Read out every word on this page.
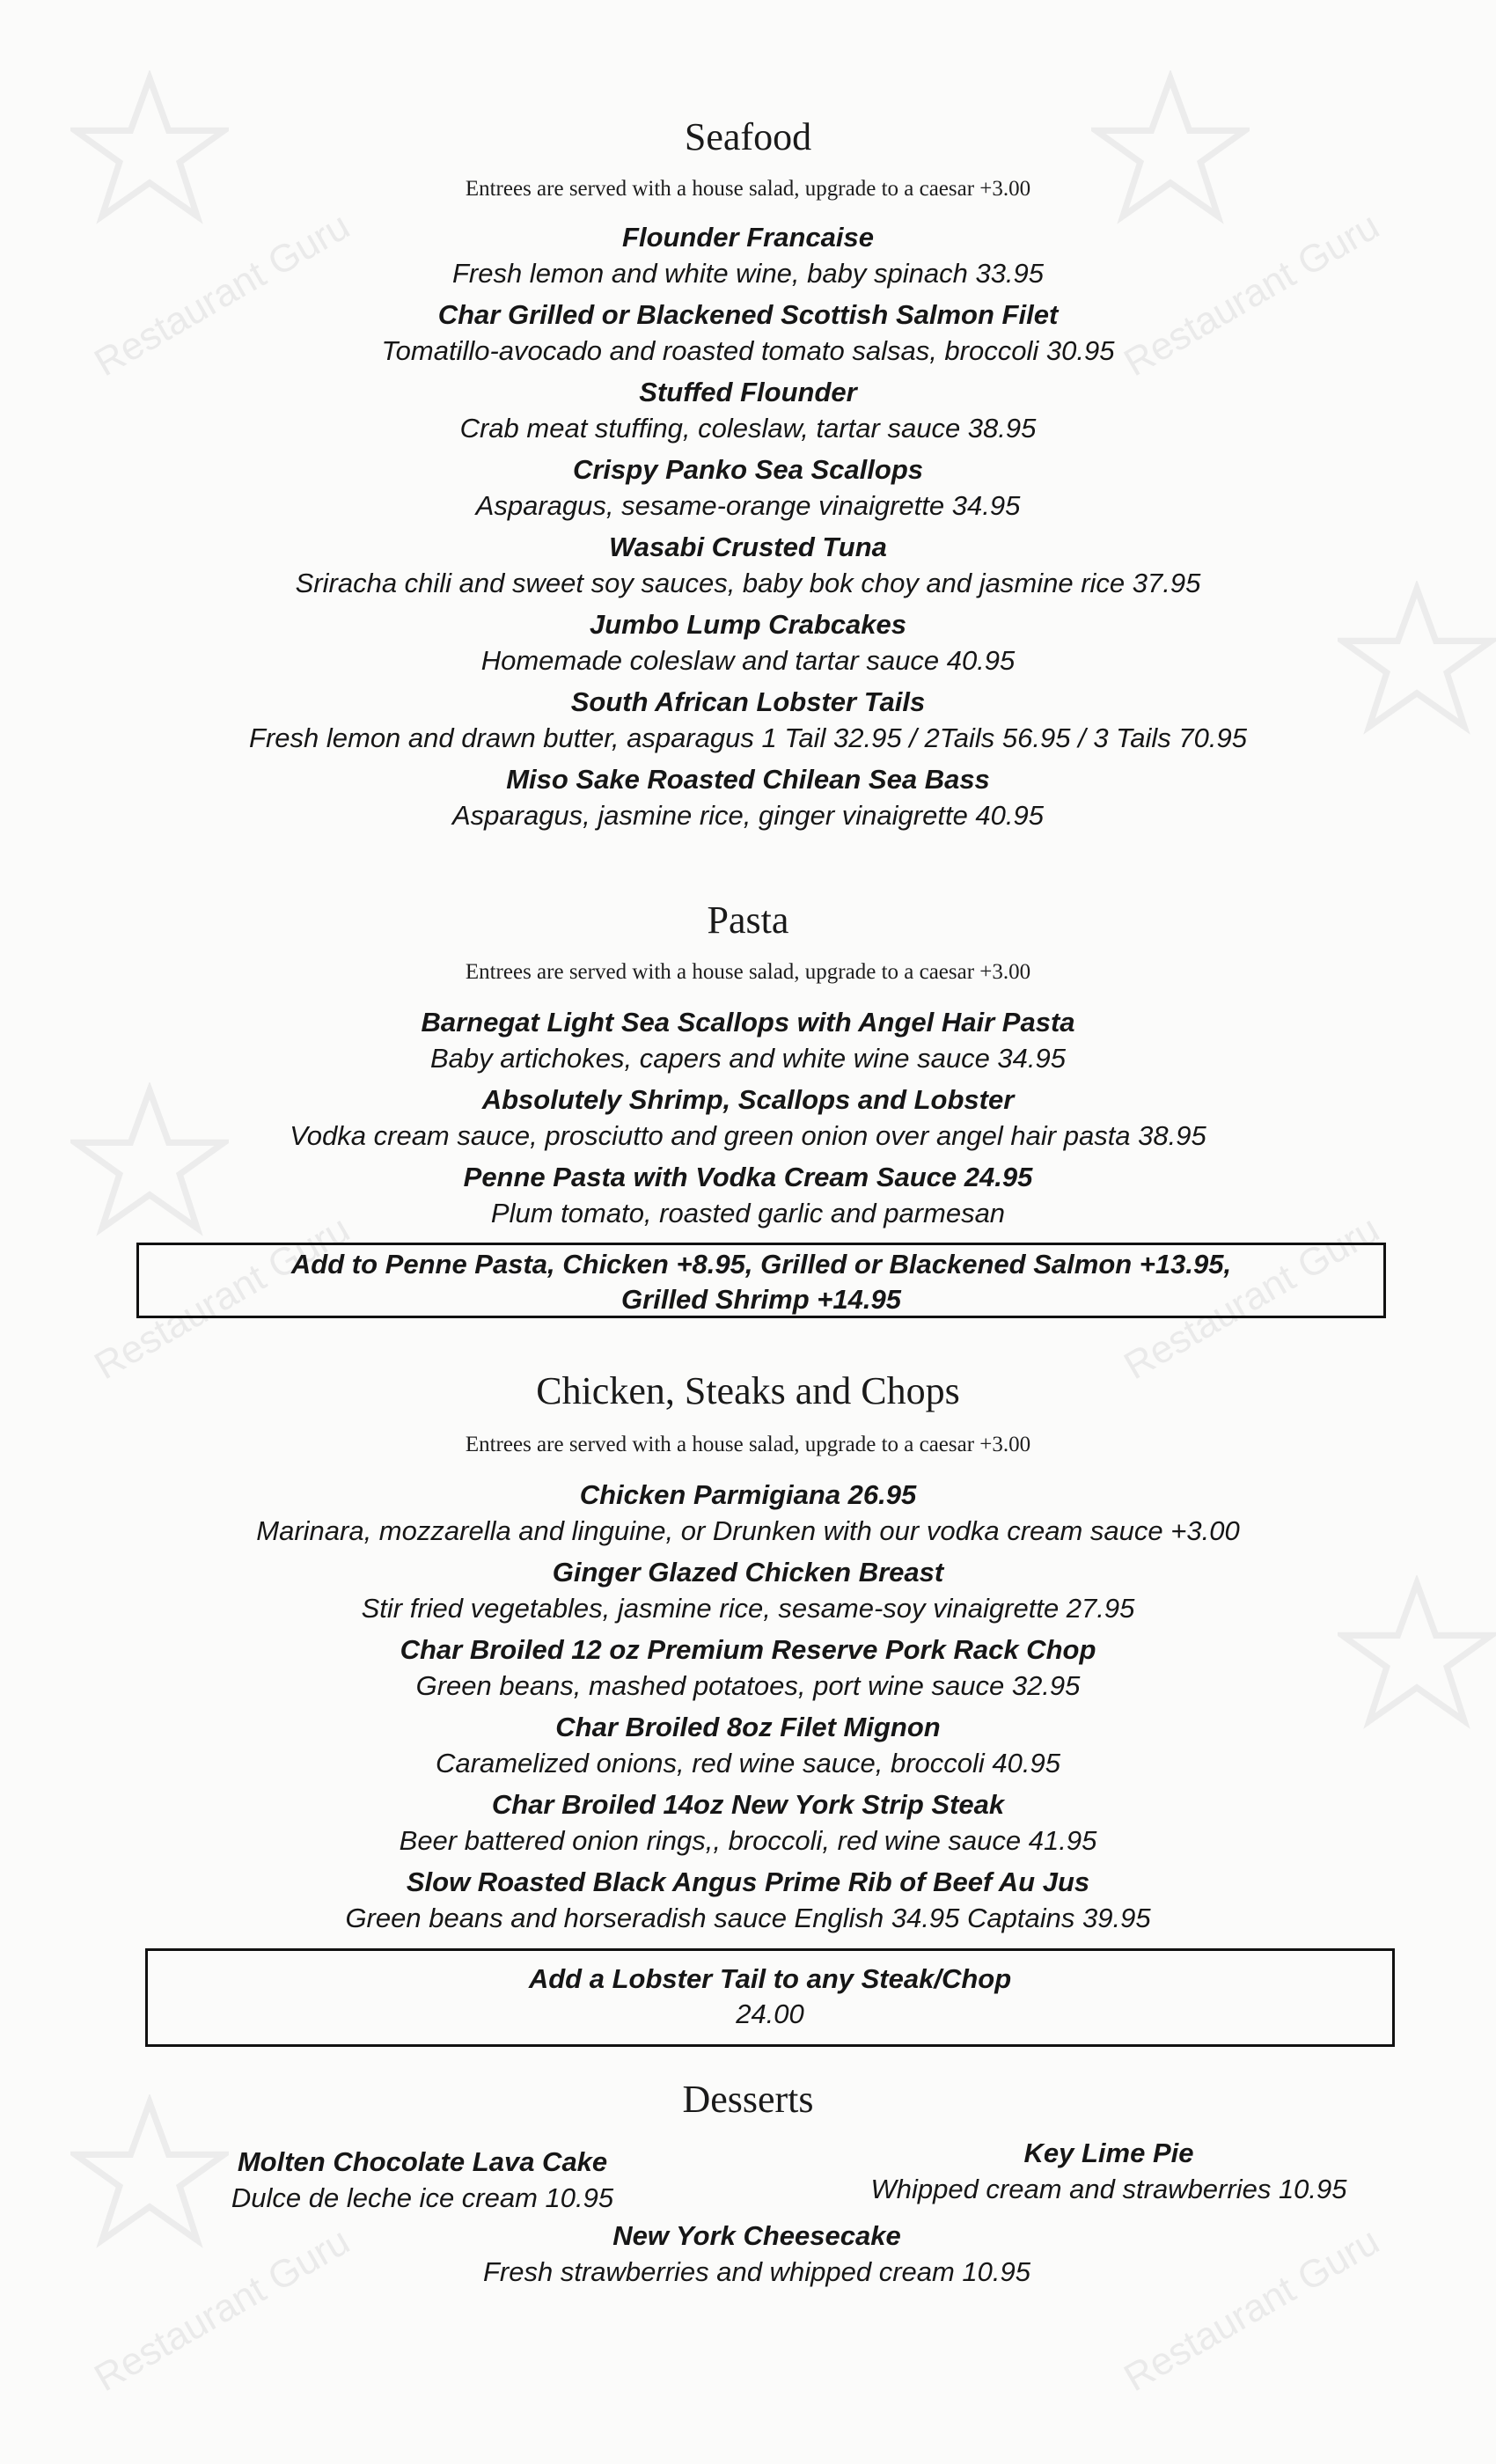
Restaurant Guru	Restaurant Guru
Restaurant Guru	Restaurant Guru
Restaurant Guru	Restaurant Guru
Seafood

Entrees are served with a house salad, upgrade to a caesar +3.00

Flounder Francaise
Fresh lemon and white wine, baby spinach 33.95
Char Grilled or Blackened Scottish Salmon Filet
Tomatillo-avocado and roasted tomato salsas, broccoli 30.95
Stuffed Flounder
Crab meat stuffing, coleslaw, tartar sauce 38.95
Crispy Panko Sea Scallops
Asparagus, sesame-orange vinaigrette 34.95
Wasabi Crusted Tuna
Sriracha chili and sweet soy sauces, baby bok choy and jasmine rice 37.95
Jumbo Lump Crabcakes
Homemade coleslaw and tartar sauce 40.95
South African Lobster Tails
Fresh lemon and drawn butter, asparagus 1 Tail 32.95 / 2Tails 56.95 / 3 Tails 70.95
Miso Sake Roasted Chilean Sea Bass
Asparagus, jasmine rice, ginger vinaigrette 40.95
Pasta

Entrees are served with a house salad, upgrade to a caesar +3.00

Barnegat Light Sea Scallops with Angel Hair Pasta
Baby artichokes, capers and white wine sauce 34.95
Absolutely Shrimp, Scallops and Lobster
Vodka cream sauce, prosciutto and green onion over angel hair pasta 38.95
Penne Pasta with Vodka Cream Sauce 24.95
Plum tomato, roasted garlic and parmesan
Add to Penne Pasta, Chicken +8.95, Grilled or Blackened Salmon +13.95,
Grilled Shrimp +14.95
Chicken, Steaks and Chops

Entrees are served with a house salad, upgrade to a caesar +3.00

Chicken Parmigiana 26.95
Marinara, mozzarella and linguine, or Drunken with our vodka cream sauce +3.00
Ginger Glazed Chicken Breast
Stir fried vegetables, jasmine rice, sesame-soy vinaigrette 27.95
Char Broiled 12 oz Premium Reserve Pork Rack Chop
Green beans, mashed potatoes, port wine sauce 32.95
Char Broiled 8oz Filet Mignon
Caramelized onions, red wine sauce, broccoli 40.95
Char Broiled 14oz New York Strip Steak
Beer battered onion rings,, broccoli, red wine sauce 41.95
Slow Roasted Black Angus Prime Rib of Beef Au Jus
Green beans and horseradish sauce English 34.95 Captains 39.95
Add a Lobster Tail to any Steak/Chop
24.00
Desserts
Molten Chocolate Lava Cake
Dulce de leche ice cream 10.95
Key Lime Pie
Whipped cream and strawberries 10.95
New York Cheesecake
Fresh strawberries and whipped cream 10.95
